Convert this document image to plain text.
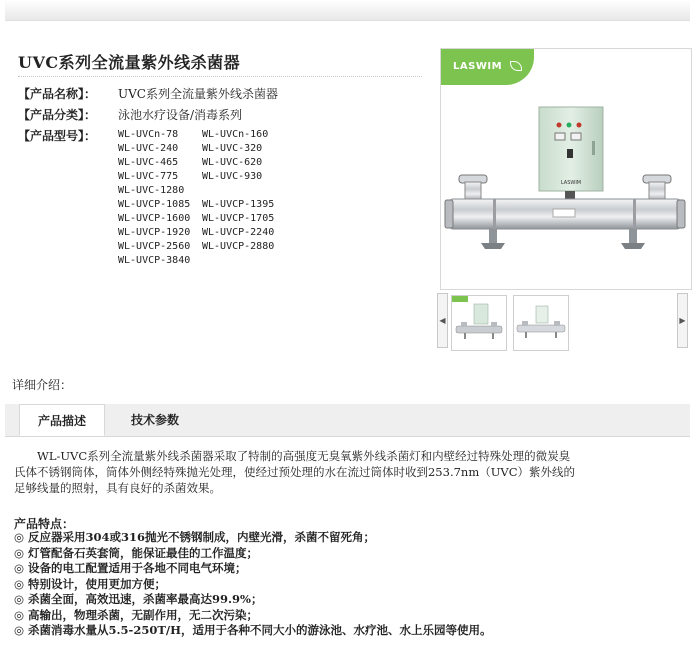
UVC系列全流量紫外线杀菌器
【产品名称】： UVC系列全流量紫外线杀菌器
【产品分类】： 泳池水疗设备/消毒系列
【产品型号】： WL-UVCn-78 WL-UVCn-160
WL-UVC-240 WL-UVC-320
WL-UVC-465 WL-UVC-620
WL-UVC-775 WL-UVC-930
WL-UVC-1280
WL-UVCP-1085 WL-UVCP-1395
WL-UVCP-1600 WL-UVCP-1705
WL-UVCP-1920 WL-UVCP-2240
WL-UVCP-2560 WL-UVCP-2880
WL-UVCP-3840
LASWIM
LASWIM
◀	▶
详细介绍：
产品描述	技术参数
　　WL-UVC系列全流量紫外线杀菌器采取了特制的高强度无臭氧紫外线杀菌灯和内壁经过特殊处理的微炭臭
氏体不锈钢筒体，筒体外侧经特殊抛光处理，使经过预处理的水在流过筒体时收到253.7nm（UVC）紫外线的
足够线量的照射，具有良好的杀菌效果。
产品特点：
◎ 反应器采用304或316抛光不锈钢制成，内壁光滑，杀菌不留死角；
◎ 灯管配备石英套筒，能保证最佳的工作温度；
◎ 设备的电工配置适用于各地不同电气环境；
◎ 特别设计，使用更加方便；
◎ 杀菌全面，高效迅速，杀菌率最高达99.9%；
◎ 高输出，物理杀菌，无副作用，无二次污染；
◎ 杀菌消毒水量从5.5-250T/H，适用于各种不同大小的游泳池、水疗池、水上乐园等使用。
